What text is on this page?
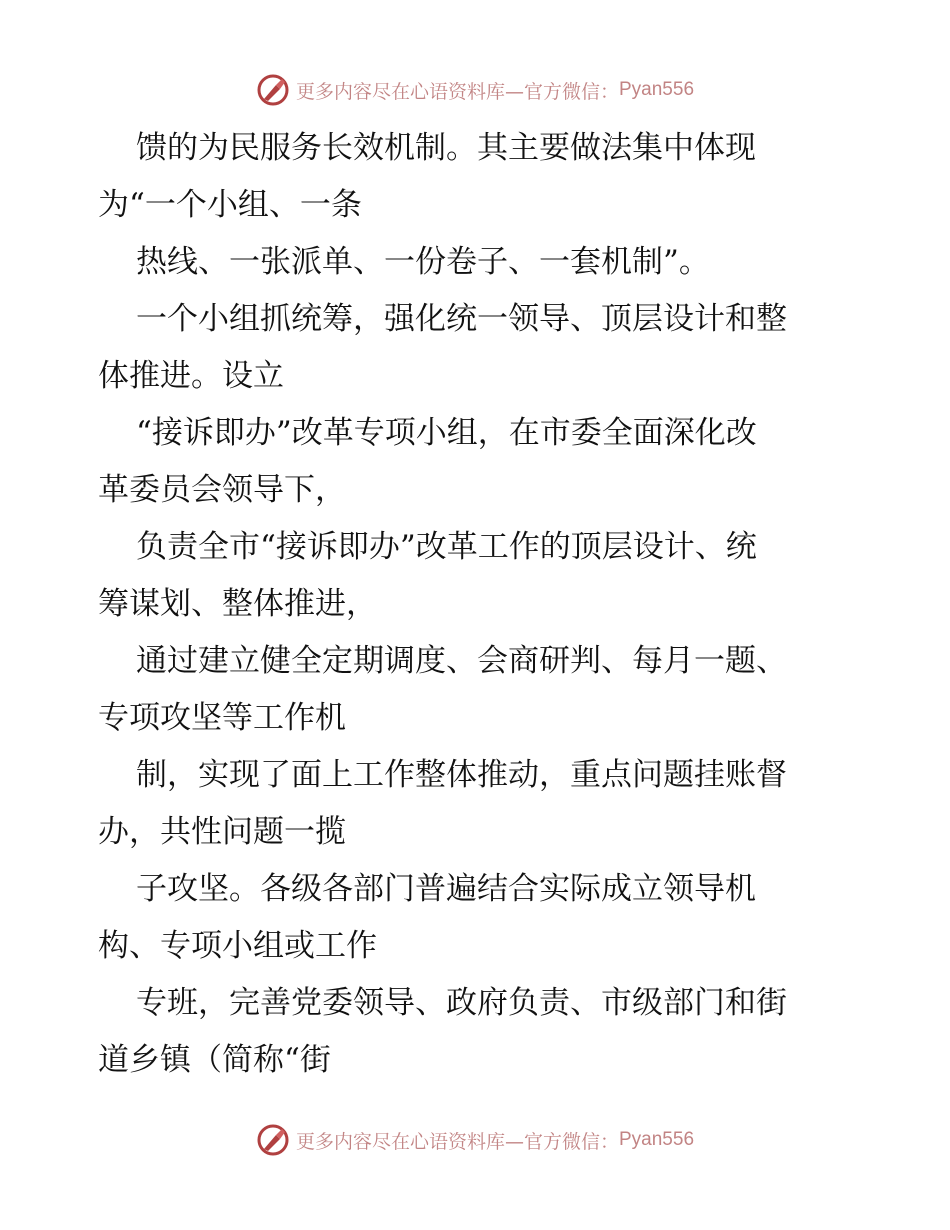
更多内容尽在心语资料库—官方微信： Pyan556
馈的为民服务长效机制。其主要做法集中体现
为“一个小组、一条
热线、一张派单、一份卷子、一套机制”。
一个小组抓统筹，强化统一领导、顶层设计和整
体推进。设立
“接诉即办”改革专项小组，在市委全面深化改
革委员会领导下，
负责全市“接诉即办”改革工作的顶层设计、统
筹谋划、整体推进，
通过建立健全定期调度、会商研判、每月一题、
专项攻坚等工作机
制，实现了面上工作整体推动，重点问题挂账督
办，共性问题一揽
子攻坚。各级各部门普遍结合实际成立领导机
构、专项小组或工作
专班，完善党委领导、政府负责、市级部门和街
道乡镇（简称“街
更多内容尽在心语资料库—官方微信： Pyan556
